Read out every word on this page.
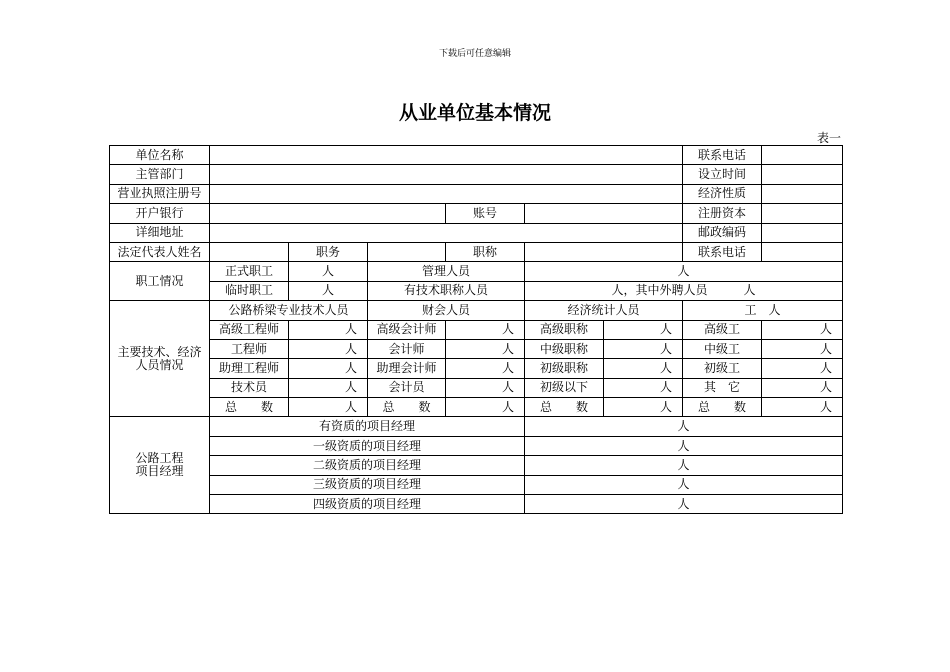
下载后可任意编辑
从业单位基本情况
表一
单位名称							联系电话	
主管部门							设立时间	
营业执照注册号							经济性质	
开户银行				账号			注册资本	
详细地址							邮政编码	
法定代表人姓名		职务		职称			联系电话	
职工情况	正式职工	人	管理人员		人			
	临时职工	人	有技术职称人员		人，其中外聘人员 人			
主要技术、经济
人员情况	公路桥梁专业技术人员		财会人员		经济统计人员		工　人	
	高级工程师	人	高级会计师	人	高级职称	人	高级工	人
	工程师	人	会计师	人	中级职称	人	中级工	人
	助理工程师	人	助理会计师	人	初级职称	人	初级工	人
	技术员	人	会计员	人	初级以下	人	其　它	人
	总　　数	人	总　　数	人	总　　数	人	总　　数	人
公路工程
项目经理	有资质的项目经理				人			
	一级资质的项目经理				人			
	二级资质的项目经理				人			
	三级资质的项目经理				人			
	四级资质的项目经理				人			
